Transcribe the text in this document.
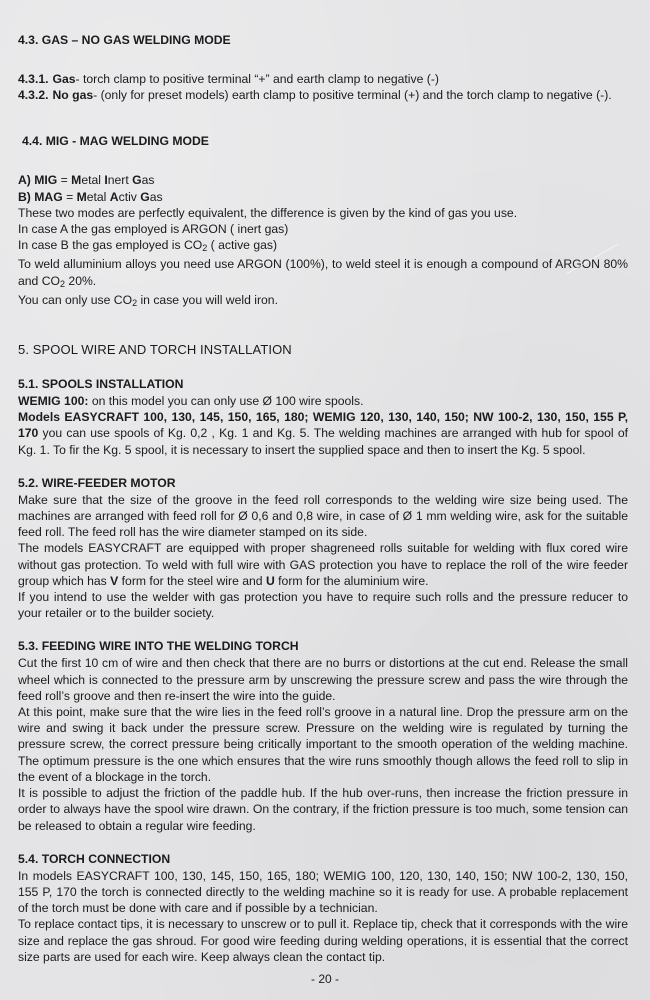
4.3. GAS – NO GAS WELDING MODE

4.3.1. Gas- torch clamp to positive terminal “+” and earth clamp to negative (-)

4.3.2. No gas- (only for preset models) earth clamp to positive terminal (+) and the torch clamp to negative (-).

4.4. MIG - MAG WELDING MODE

A) MIG = Metal Inert Gas

B) MAG = Metal Activ Gas

These two modes are perfectly equivalent, the difference is given by the kind of gas you use.

In case A the gas employed is ARGON ( inert gas)

In case B the gas employed is $CO_2$ ( active gas)

To weld alluminium alloys you need use ARGON (100%), to weld steel it is enough a compound of ARGON 80% and $CO_2$ 20%.

You can only use $CO_2$ in case you will weld iron.

5. SPOOL WIRE AND TORCH INSTALLATION
5.1. SPOOLS INSTALLATION

WEMIG 100: on this model you can only use Ø 100 wire spools.

Models EASYCRAFT 100, 130, 145, 150, 165, 180; WEMIG 120, 130, 140, 150; NW 100-2, 130, 150, 155 P, 170 you can use spools of Kg. 0,2 , Kg. 1 and Kg. 5. The welding machines are arranged with hub for spool of Kg. 1. To fir the Kg. 5 spool, it is necessary to insert the supplied space and then to insert the Kg. 5 spool.

5.2. WIRE-FEEDER MOTOR

Make sure that the size of the groove in the feed roll corresponds to the welding wire size being used. The machines are arranged with feed roll for Ø 0,6 and 0,8 wire, in case of Ø 1 mm welding wire, ask for the suitable feed roll. The feed roll has the wire diameter stamped on its side.

The models EASYCRAFT are equipped with proper shagreneed rolls suitable for welding with flux cored wire without gas protection. To weld with full wire with GAS protection you have to replace the roll of the wire feeder group which has V form for the steel wire and U form for the aluminium wire.

If you intend to use the welder with gas protection you have to require such rolls and the pressure reducer to your retailer or to the builder society.

5.3. FEEDING WIRE INTO THE WELDING TORCH

Cut the first 10 cm of wire and then check that there are no burrs or distortions at the cut end. Release the small wheel which is connected to the pressure arm by unscrewing the pressure screw and pass the wire through the feed roll’s groove and then re-insert the wire into the guide.

At this point, make sure that the wire lies in the feed roll’s groove in a natural line. Drop the pressure arm on the wire and swing it back under the pressure screw. Pressure on the welding wire is regulated by turning the pressure screw, the correct pressure being critically important to the smooth operation of the welding machine. The optimum pressure is the one which ensures that the wire runs smoothly though allows the feed roll to slip in the event of a blockage in the torch.

It is possible to adjust the friction of the paddle hub. If the hub over-runs, then increase the friction pressure in order to always have the spool wire drawn. On the contrary, if the friction pressure is too much, some tension can be released to obtain a regular wire feeding.

5.4. TORCH CONNECTION

In models EASYCRAFT 100, 130, 145, 150, 165, 180; WEMIG 100, 120, 130, 140, 150; NW 100-2, 130, 150, 155 P, 170 the torch is connected directly to the welding machine so it is ready for use. A probable replacement of the torch must be done with care and if possible by a technician.

To replace contact tips, it is necessary to unscrew or to pull it. Replace tip, check that it corresponds with the wire size and replace the gas shroud. For good wire feeding during welding operations, it is essential that the correct size parts are used for each wire. Keep always clean the contact tip.

- 20 -
